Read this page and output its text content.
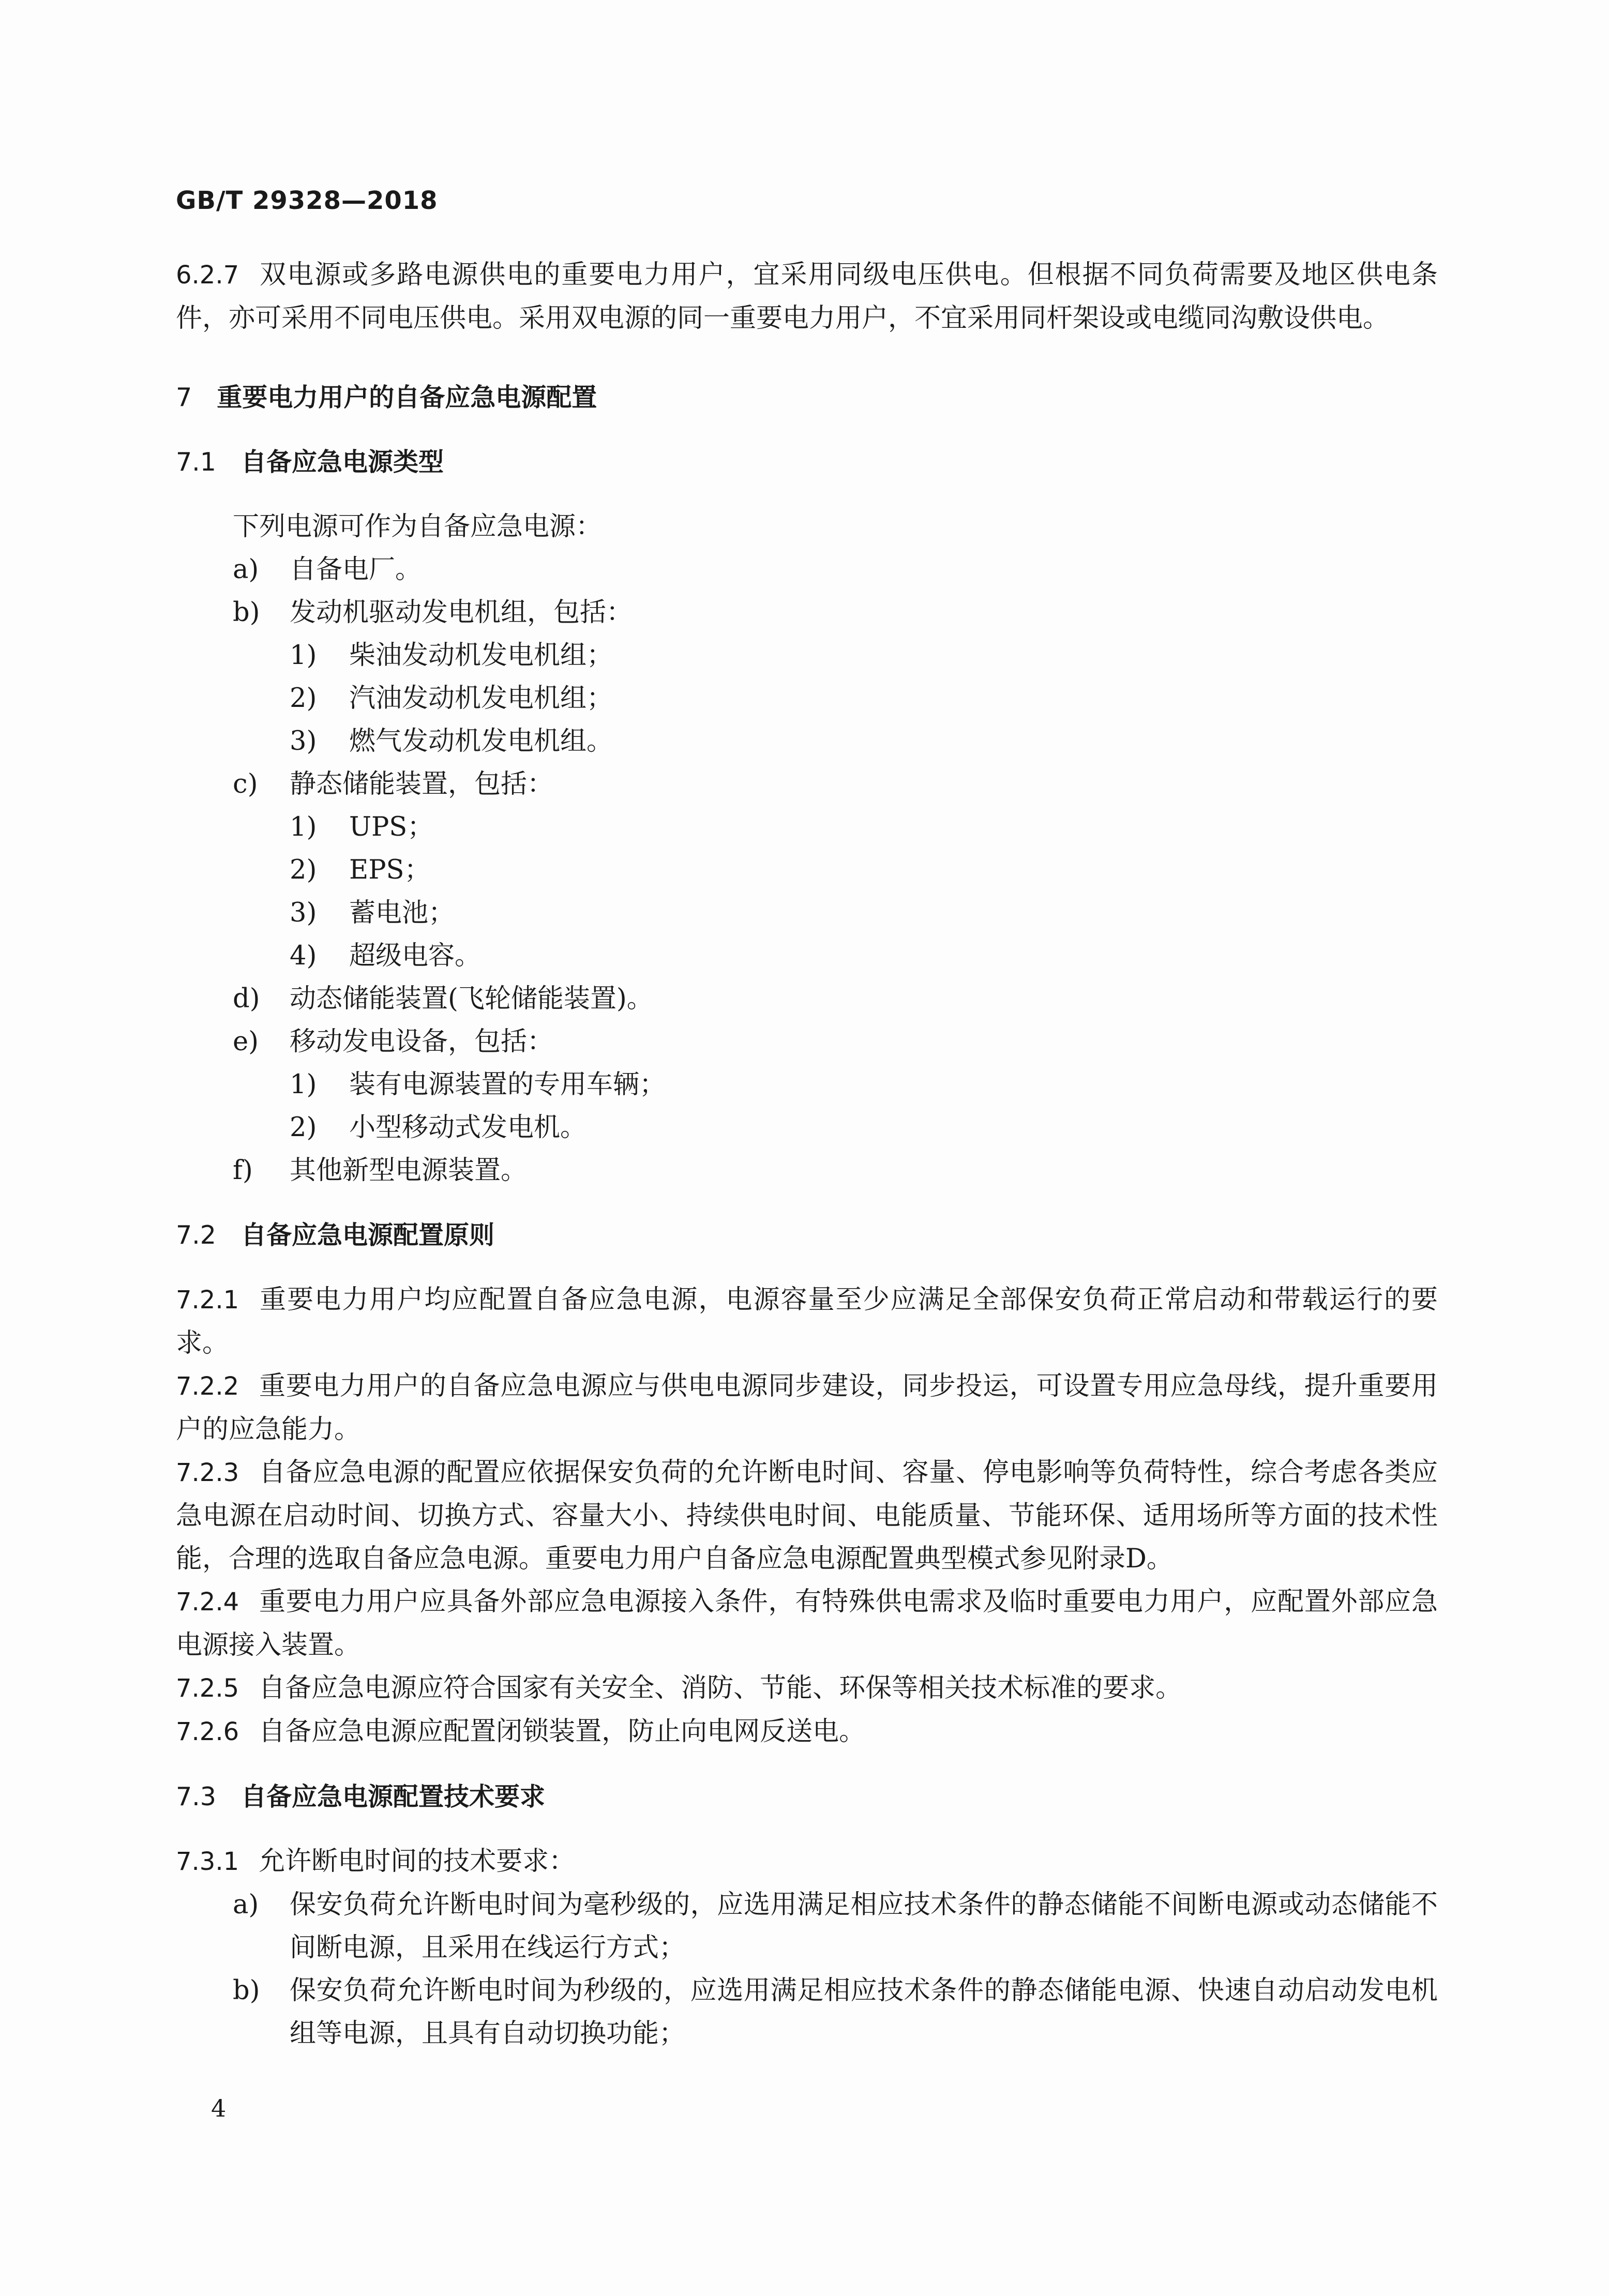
GB/T 29328—2018

6.2.7 双电源或多路电源供电的重要电力用户，宜采用同级电压供电。但根据不同负荷需要及地区供电条件，亦可采用不同电压供电。采用双电源的同一重要电力用户，不宜采用同杆架设或电缆同沟敷设供电。

7 重要电力用户的自备应急电源配置
7.1 自备应急电源类型

下列电源可作为自备应急电源：

a)	自备电厂。
b)	发动机驱动发电机组，包括：
1)	柴油发动机发电机组；
2)	汽油发动机发电机组；
3)	燃气发动机发电机组。
c)	静态储能装置，包括：
1)	UPS；
2)	EPS；
3)	蓄电池；
4)	超级电容。
d)	动态储能装置(飞轮储能装置)。
e)	移动发电设备，包括：
1)	装有电源装置的专用车辆；
2)	小型移动式发电机。
f)	其他新型电源装置。
7.2 自备应急电源配置原则

7.2.1 重要电力用户均应配置自备应急电源，电源容量至少应满足全部保安负荷正常启动和带载运行的要求。

7.2.2 重要电力用户的自备应急电源应与供电电源同步建设，同步投运，可设置专用应急母线，提升重要用户的应急能力。

7.2.3 自备应急电源的配置应依据保安负荷的允许断电时间、容量、停电影响等负荷特性，综合考虑各类应急电源在启动时间、切换方式、容量大小、持续供电时间、电能质量、节能环保、适用场所等方面的技术性能，合理的选取自备应急电源。重要电力用户自备应急电源配置典型模式参见附录D。

7.2.4 重要电力用户应具备外部应急电源接入条件，有特殊供电需求及临时重要电力用户，应配置外部应急电源接入装置。

7.2.5 自备应急电源应符合国家有关安全、消防、节能、环保等相关技术标准的要求。

7.2.6 自备应急电源应配置闭锁装置，防止向电网反送电。

7.3 自备应急电源配置技术要求

7.3.1 允许断电时间的技术要求：

a)	保安负荷允许断电时间为毫秒级的，应选用满足相应技术条件的静态储能不间断电源或动态储能不间断电源，且采用在线运行方式；
b)	保安负荷允许断电时间为秒级的，应选用满足相应技术条件的静态储能电源、快速自动启动发电机组等电源，且具有自动切换功能；
4
